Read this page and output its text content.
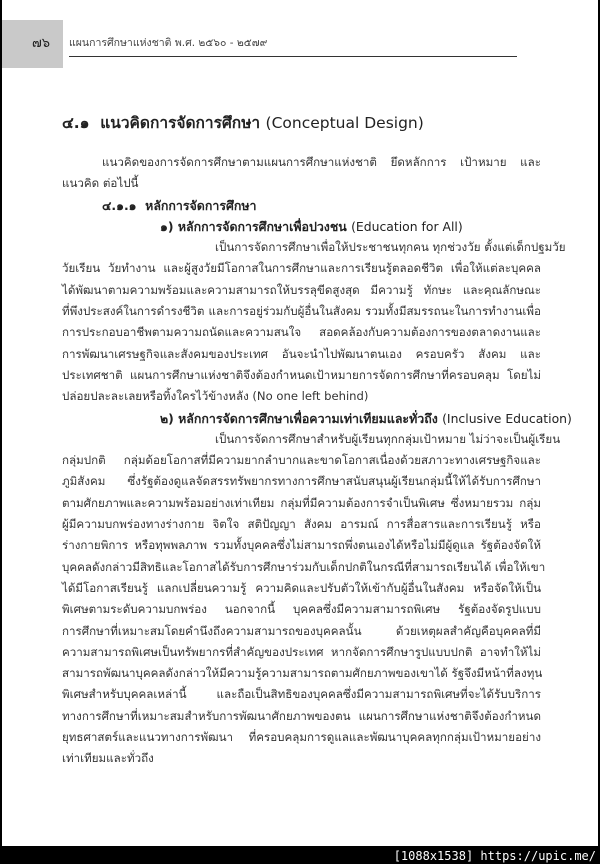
๗๖ แผนการศึกษาแห่งชาติ พ.ศ. ๒๕๖๐ - ๒๕๗๙
๔.๑ แนวคิดการจัดการศึกษา (Conceptual Design)
แนวคิดของการจัดการศึกษาตามแผนการศึกษาแห่งชาติ ยึดหลักการ เป้าหมาย และ
แนวคิด ต่อไปนี้
๔.๑.๑ หลักการจัดการศึกษา
๑) หลักการจัดการศึกษาเพื่อปวงชน (Education for All)
เป็นการจัดการศึกษาเพื่อให้ประชาชนทุกคน ทุกช่วงวัย ตั้งแต่เด็กปฐมวัย
วัยเรียน วัยทำงาน และผู้สูงวัยมีโอกาสในการศึกษาและการเรียนรู้ตลอดชีวิต เพื่อให้แต่ละบุคคล
ได้พัฒนาตามความพร้อมและความสามารถให้บรรลุขีดสูงสุด มีความรู้ ทักษะ และคุณลักษณะ
ที่พึงประสงค์ในการดำรงชีวิต และการอยู่ร่วมกับผู้อื่นในสังคม รวมทั้งมีสมรรถนะในการทำงานเพื่อ
การประกอบอาชีพตามความถนัดและความสนใจ สอดคล้องกับความต้องการของตลาดงานและ
การพัฒนาเศรษฐกิจและสังคมของประเทศ อันจะนำไปพัฒนาตนเอง ครอบครัว สังคม และ
ประเทศชาติ แผนการศึกษาแห่งชาติจึงต้องกำหนดเป้าหมายการจัดการศึกษาที่ครอบคลุม โดยไม่
ปล่อยปละละเลยหรือทิ้งใครไว้ข้างหลัง (No one left behind)
๒) หลักการจัดการศึกษาเพื่อความเท่าเทียมและทั่วถึง (Inclusive Education)
เป็นการจัดการศึกษาสำหรับผู้เรียนทุกกลุ่มเป้าหมาย ไม่ว่าจะเป็นผู้เรียน
กลุ่มปกติ กลุ่มด้อยโอกาสที่มีความยากลำบากและขาดโอกาสเนื่องด้วยสภาวะทางเศรษฐกิจและ
ภูมิสังคม ซึ่งรัฐต้องดูแลจัดสรรทรัพยากรทางการศึกษาสนับสนุนผู้เรียนกลุ่มนี้ให้ได้รับการศึกษา
ตามศักยภาพและความพร้อมอย่างเท่าเทียม กลุ่มที่มีความต้องการจำเป็นพิเศษ ซึ่งหมายรวม กลุ่ม
ผู้มีความบกพร่องทางร่างกาย จิตใจ สติปัญญา สังคม อารมณ์ การสื่อสารและการเรียนรู้ หรือ
ร่างกายพิการ หรือทุพพลภาพ รวมทั้งบุคคลซึ่งไม่สามารถพึ่งตนเองได้หรือไม่มีผู้ดูแล รัฐต้องจัดให้
บุคคลดังกล่าวมีสิทธิและโอกาสได้รับการศึกษาร่วมกับเด็กปกติในกรณีที่สามารถเรียนได้ เพื่อให้เขา
ได้มีโอกาสเรียนรู้ แลกเปลี่ยนความรู้ ความคิดและปรับตัวให้เข้ากับผู้อื่นในสังคม หรือจัดให้เป็น
พิเศษตามระดับความบกพร่อง นอกจากนี้ บุคคลซึ่งมีความสามารถพิเศษ รัฐต้องจัดรูปแบบ
การศึกษาที่เหมาะสมโดยคำนึงถึงความสามารถของบุคคลนั้น ด้วยเหตุผลสำคัญคือบุคคลที่มี
ความสามารถพิเศษเป็นทรัพยากรที่สำคัญของประเทศ หากจัดการศึกษารูปแบบปกติ อาจทำให้ไม่
สามารถพัฒนาบุคคลดังกล่าวให้มีความรู้ความสามารถตามศักยภาพของเขาได้ รัฐจึงมีหน้าที่ลงทุน
พิเศษสำหรับบุคคลเหล่านี้ และถือเป็นสิทธิของบุคคลซึ่งมีความสามารถพิเศษที่จะได้รับบริการ
ทางการศึกษาที่เหมาะสมสำหรับการพัฒนาศักยภาพของตน แผนการศึกษาแห่งชาติจึงต้องกำหนด
ยุทธศาสตร์และแนวทางการพัฒนา ที่ครอบคลุมการดูแลและพัฒนาบุคคลทุกกลุ่มเป้าหมายอย่าง
เท่าเทียมและทั่วถึง
[1088x1538] https://upic.me/
